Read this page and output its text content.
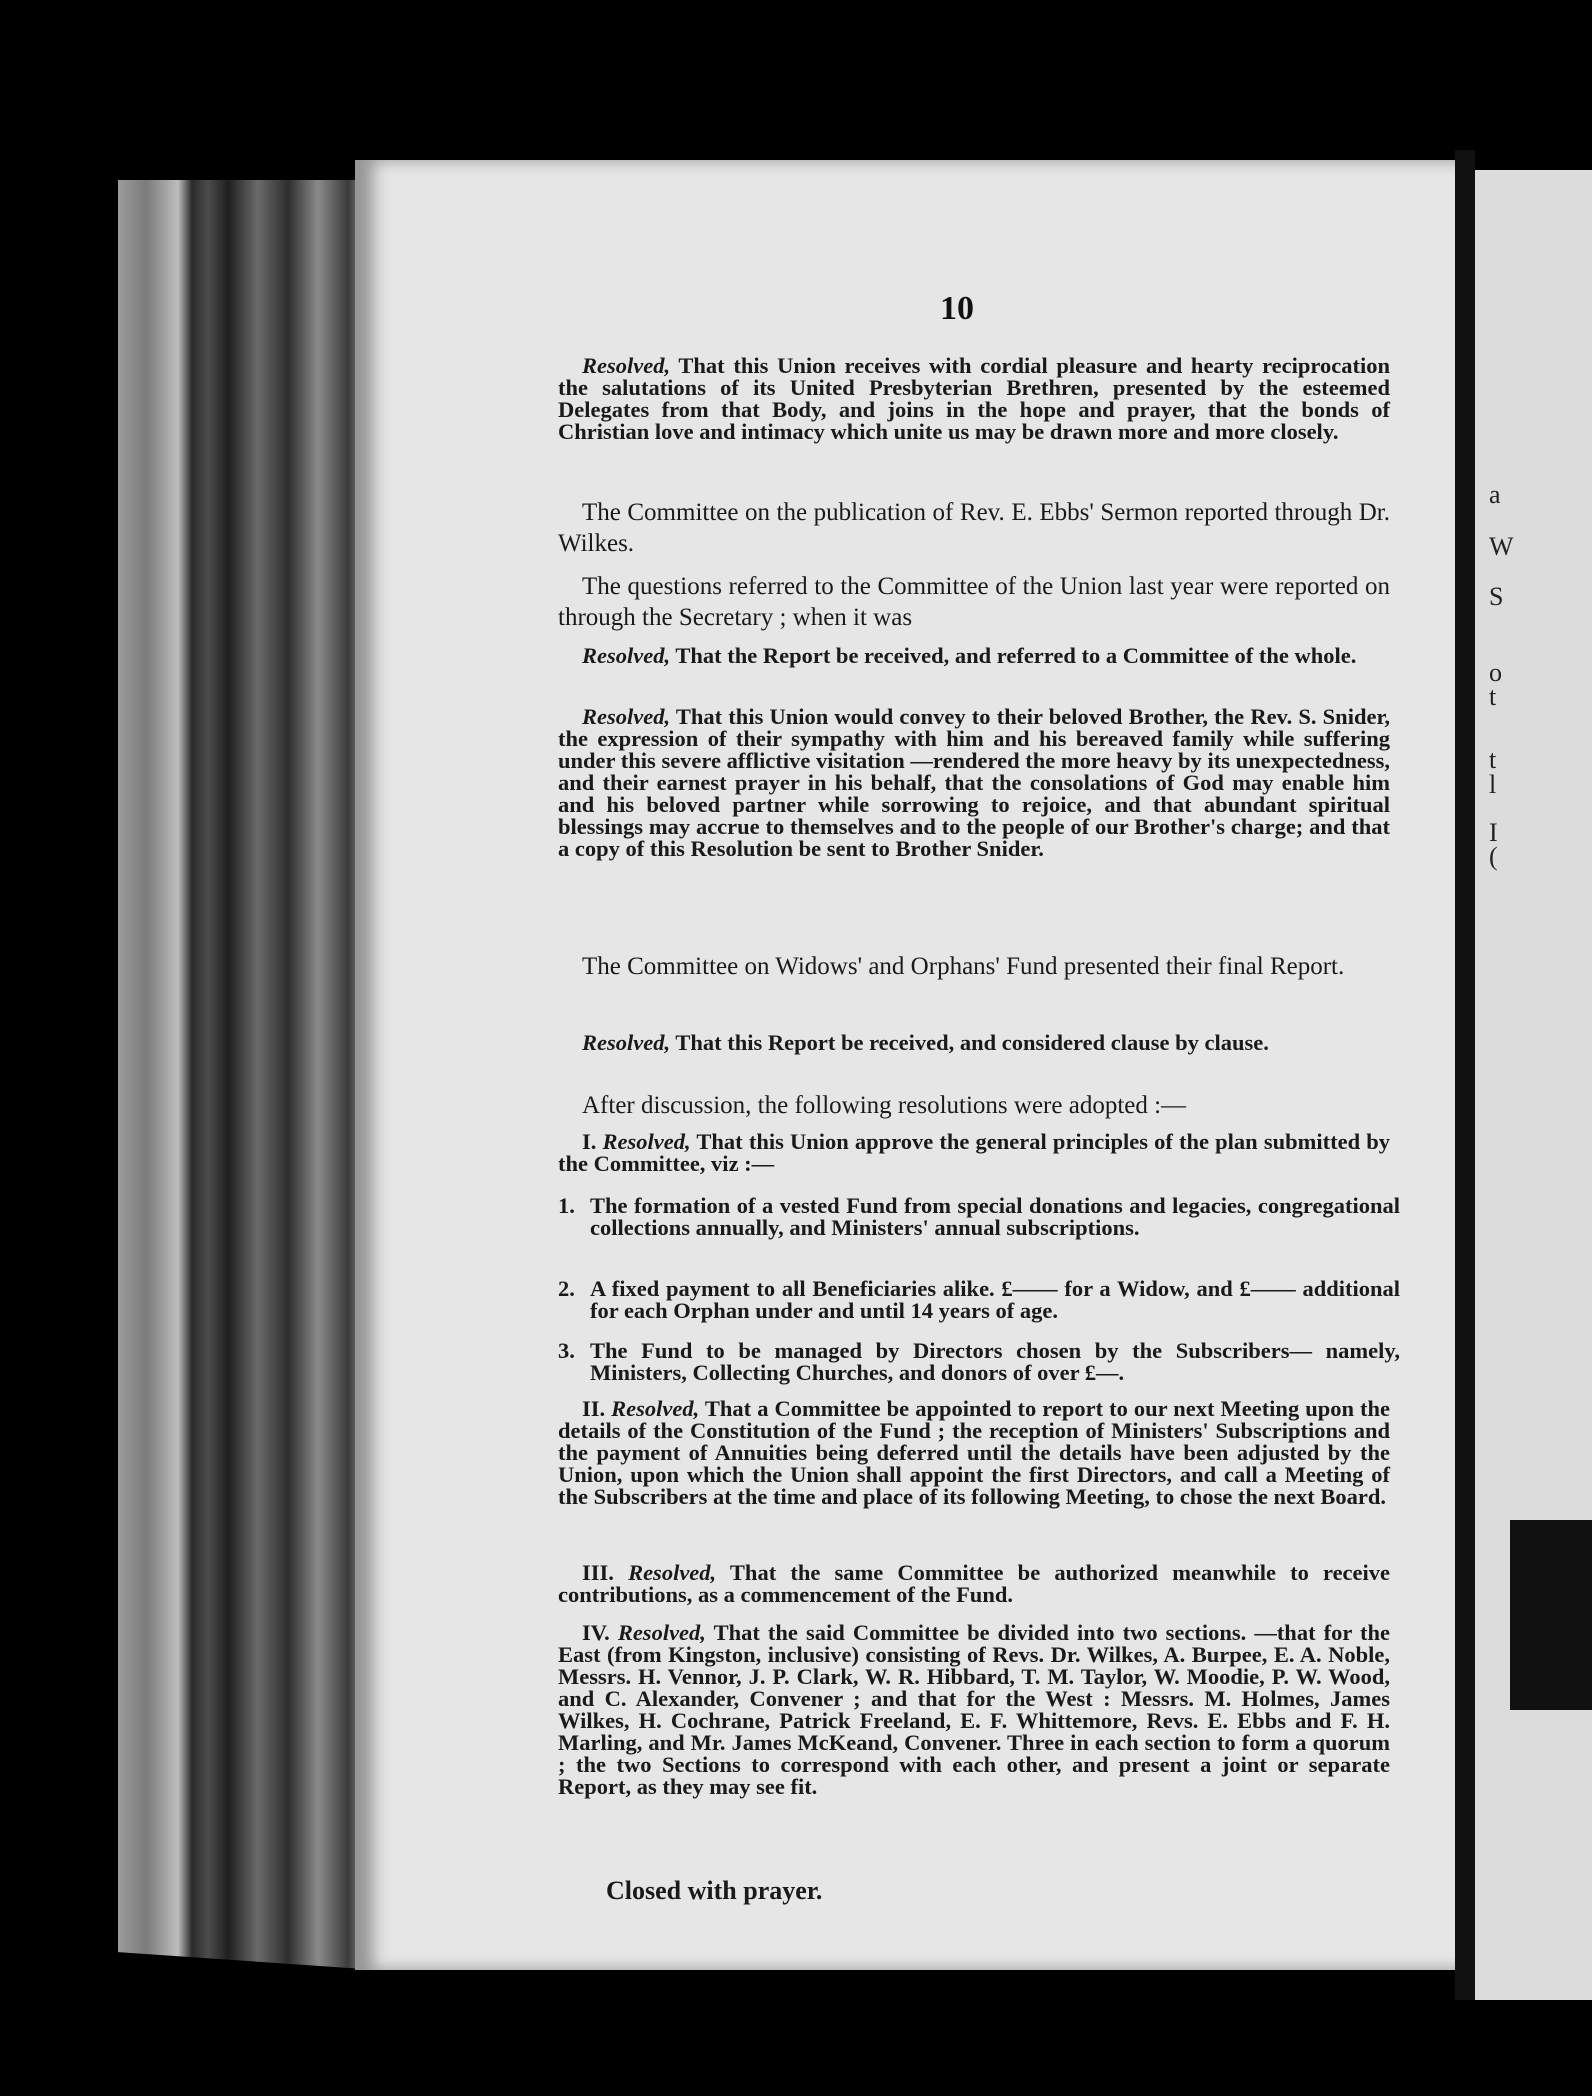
a
W
S
o
t
t
l
I
(
10

Resolved, That this Union receives with cordial pleasure and hearty reciprocation the salutations of its United Presbyterian Brethren, presented by the esteemed Delegates from that Body, and joins in the hope and prayer, that the bonds of Christian love and intimacy which unite us may be drawn more and more closely.

The Committee on the publication of Rev. E. Ebbs' Sermon reported through Dr. Wilkes.

The questions referred to the Committee of the Union last year were reported on through the Secretary ; when it was

Resolved, That the Report be received, and referred to a Committee of the whole.

Resolved, That this Union would convey to their beloved Brother, the Rev. S. Snider, the expression of their sympathy with him and his bereaved family while suffering under this severe afflictive visitation —rendered the more heavy by its unexpectedness, and their earnest prayer in his behalf, that the consolations of God may enable him and his beloved partner while sorrowing to rejoice, and that abundant spiritual blessings may accrue to themselves and to the people of our Brother's charge; and that a copy of this Resolution be sent to Brother Snider.

The Committee on Widows' and Orphans' Fund presented their final Report.

Resolved, That this Report be received, and considered clause by clause.

After discussion, the following resolutions were adopted :—

I. Resolved, That this Union approve the general principles of the plan submitted by the Committee, viz :—

1. The formation of a vested Fund from special donations and legacies, congregational collections annually, and Ministers' annual subscriptions.
2. A fixed payment to all Beneficiaries alike. £—— for a Widow, and £—— additional for each Orphan under and until 14 years of age.
3. The Fund to be managed by Directors chosen by the Subscribers— namely, Ministers, Collecting Churches, and donors of over £—.

II. Resolved, That a Committee be appointed to report to our next Meeting upon the details of the Constitution of the Fund ; the reception of Ministers' Subscriptions and the payment of Annuities being deferred until the details have been adjusted by the Union, upon which the Union shall appoint the first Directors, and call a Meeting of the Subscribers at the time and place of its following Meeting, to chose the next Board.

III. Resolved, That the same Committee be authorized meanwhile to receive contributions, as a commencement of the Fund.

IV. Resolved, That the said Committee be divided into two sections. —that for the East (from Kingston, inclusive) consisting of Revs. Dr. Wilkes, A. Burpee, E. A. Noble, Messrs. H. Vennor, J. P. Clark, W. R. Hibbard, T. M. Taylor, W. Moodie, P. W. Wood, and C. Alexander, Convener ; and that for the West : Messrs. M. Holmes, James Wilkes, H. Cochrane, Patrick Freeland, E. F. Whittemore, Revs. E. Ebbs and F. H. Marling, and Mr. James McKeand, Convener. Three in each section to form a quorum ; the two Sections to correspond with each other, and present a joint or separate Report, as they may see fit.

Closed with prayer.
